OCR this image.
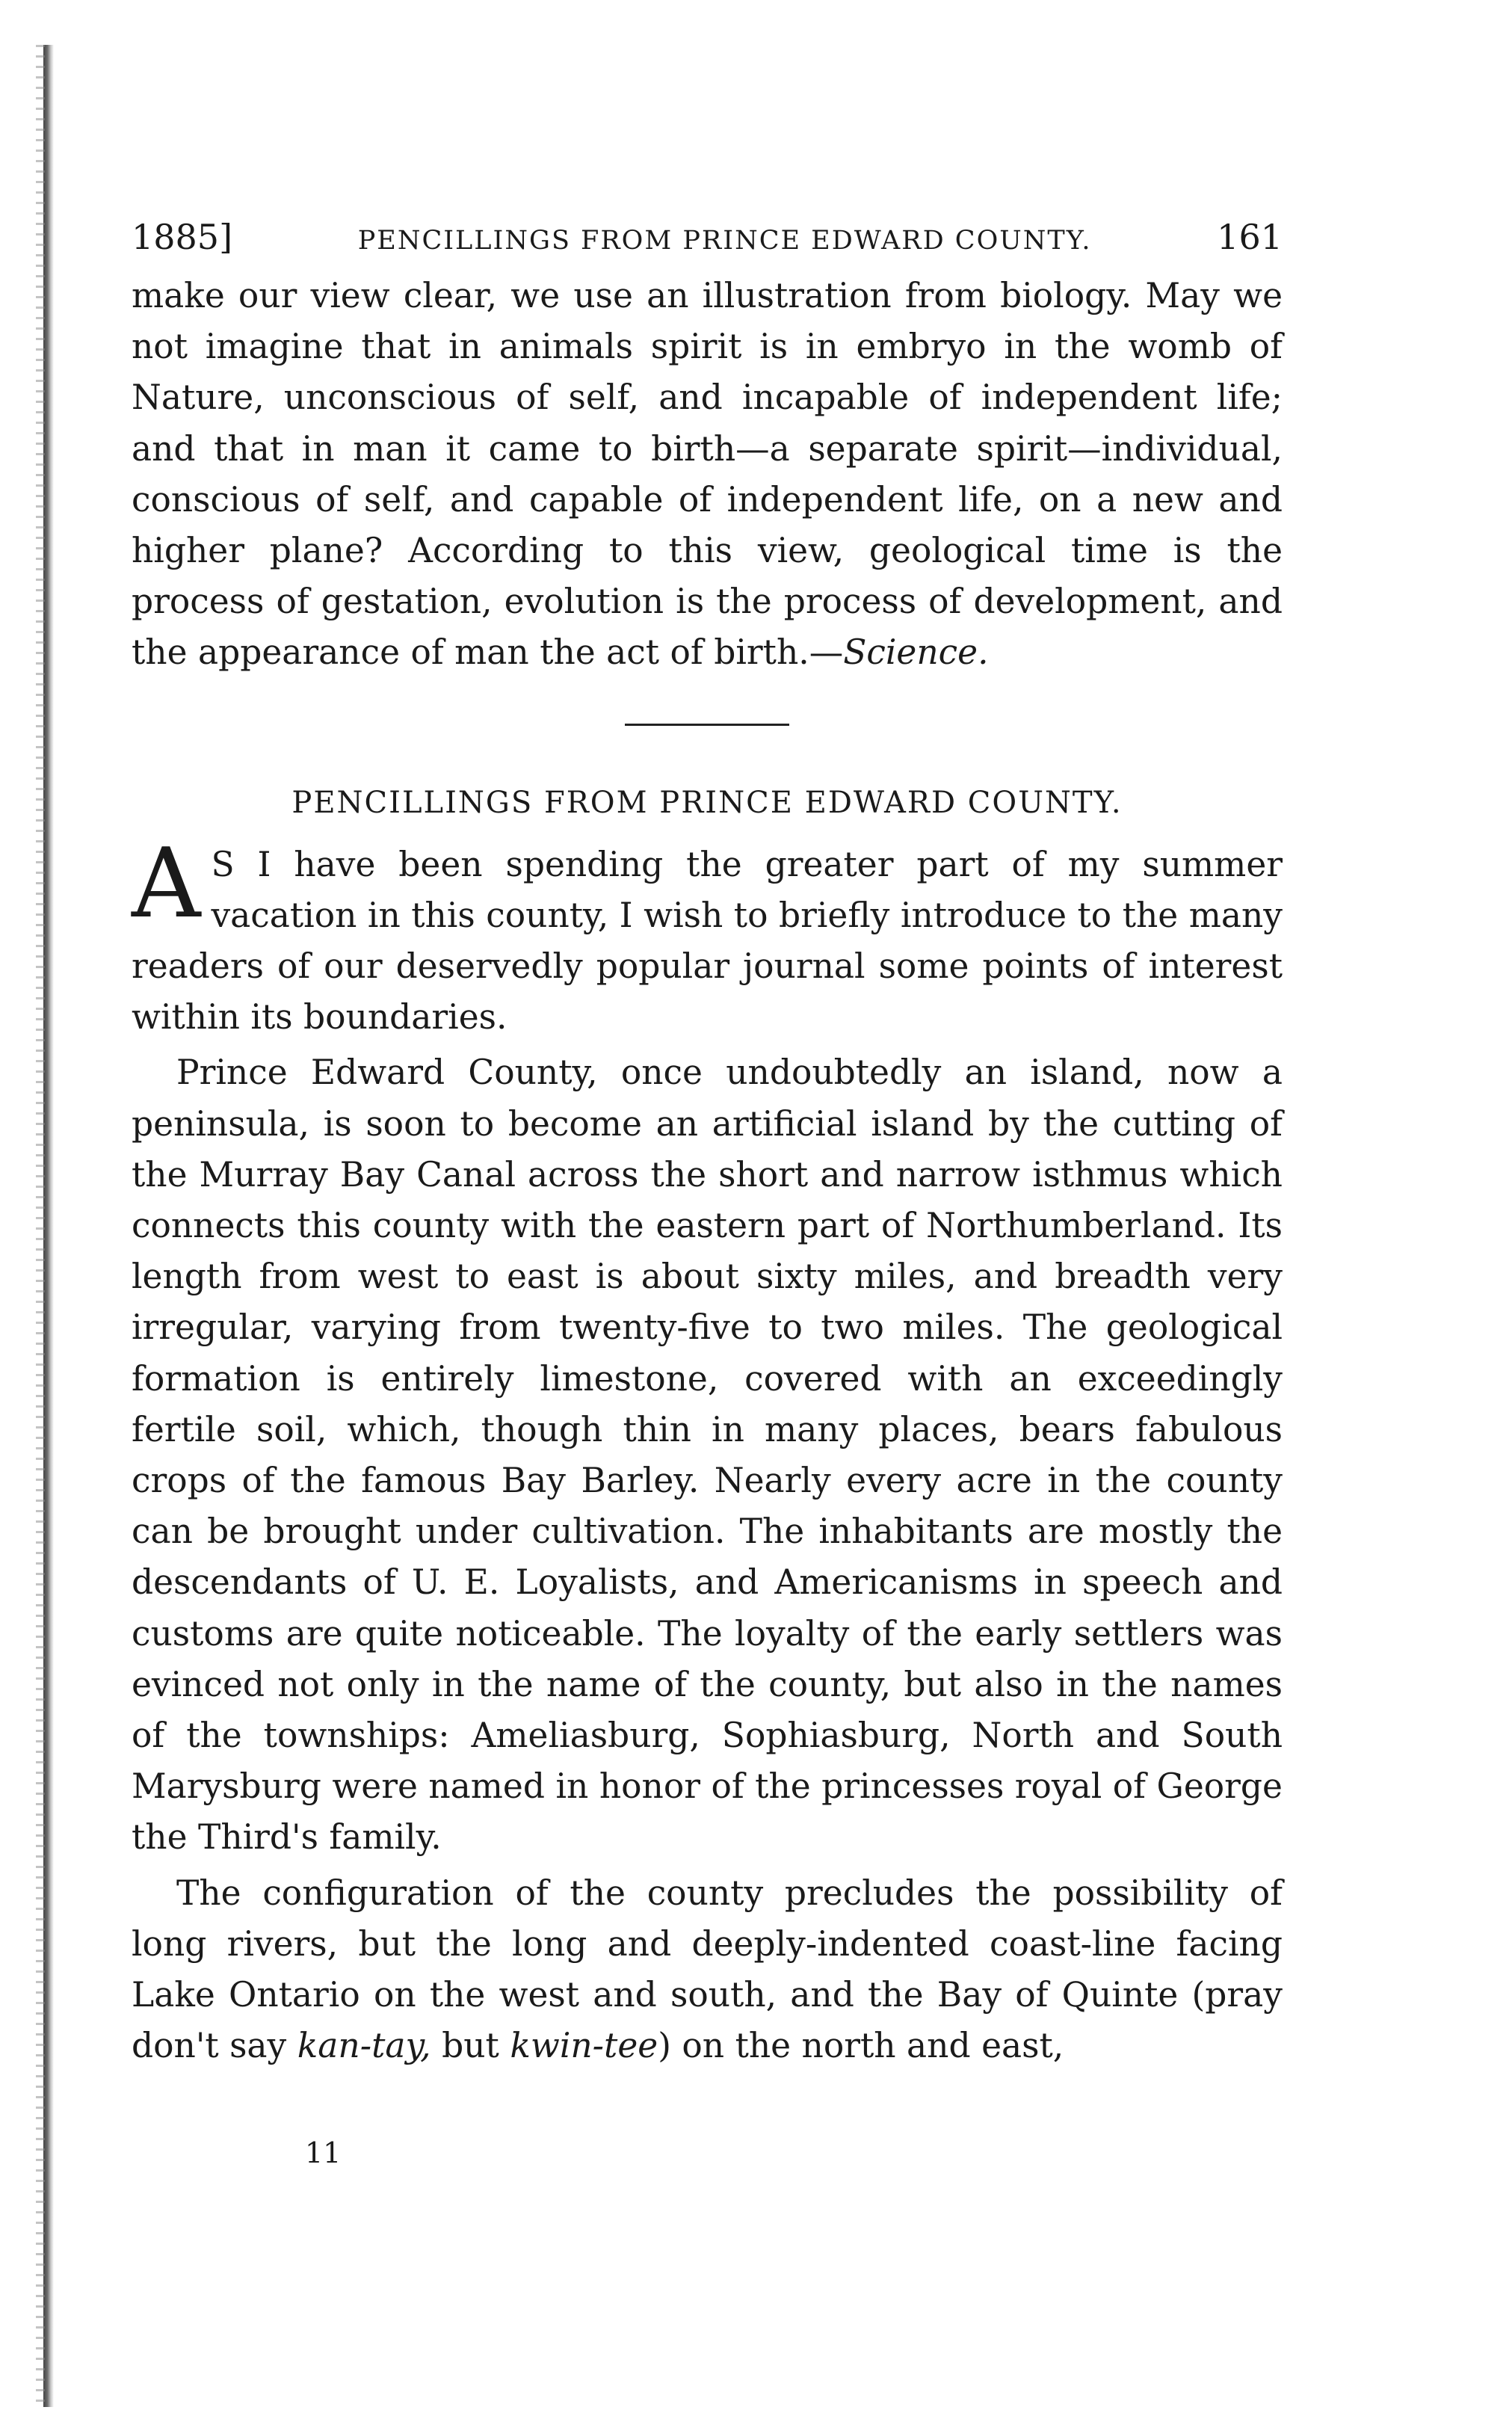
1885]	PENCILLINGS FROM PRINCE EDWARD COUNTY.	161

make our view clear, we use an illustration from biology. May we not imagine that in animals spirit is in embryo in the womb of Nature, unconscious of self, and incapable of independent life; and that in man it came to birth—a separate spirit—individual, conscious of self, and capable of independent life, on a new and higher plane? According to this view, geological time is the process of gestation, evolution is the process of development, and the appearance of man the act of birth.—Science.

PENCILLINGS FROM PRINCE EDWARD COUNTY.

A S I have been spending the greater part of my summer vacation in this county, I wish to briefly introduce to the many readers of our deservedly popular journal some points of interest within its boundaries.

Prince Edward County, once undoubtedly an island, now a peninsula, is soon to become an artificial island by the cutting of the Murray Bay Canal across the short and narrow isthmus which connects this county with the eastern part of Northumberland. Its length from west to east is about sixty miles, and breadth very irregular, varying from twenty-five to two miles. The geological formation is entirely limestone, covered with an exceedingly fertile soil, which, though thin in many places, bears fabulous crops of the famous Bay Barley. Nearly every acre in the county can be brought under cultivation. The inhabitants are mostly the descendants of U. E. Loyalists, and Americanisms in speech and customs are quite noticeable. The loyalty of the early settlers was evinced not only in the name of the county, but also in the names of the townships: Ameliasburg, Sophiasburg, North and South Marysburg were named in honor of the princesses royal of George the Third's family.

The configuration of the county precludes the possibility of long rivers, but the long and deeply-indented coast-line facing Lake Ontario on the west and south, and the Bay of Quinte (pray don't say kan-tay, but kwin-tee) on the north and east,

11
